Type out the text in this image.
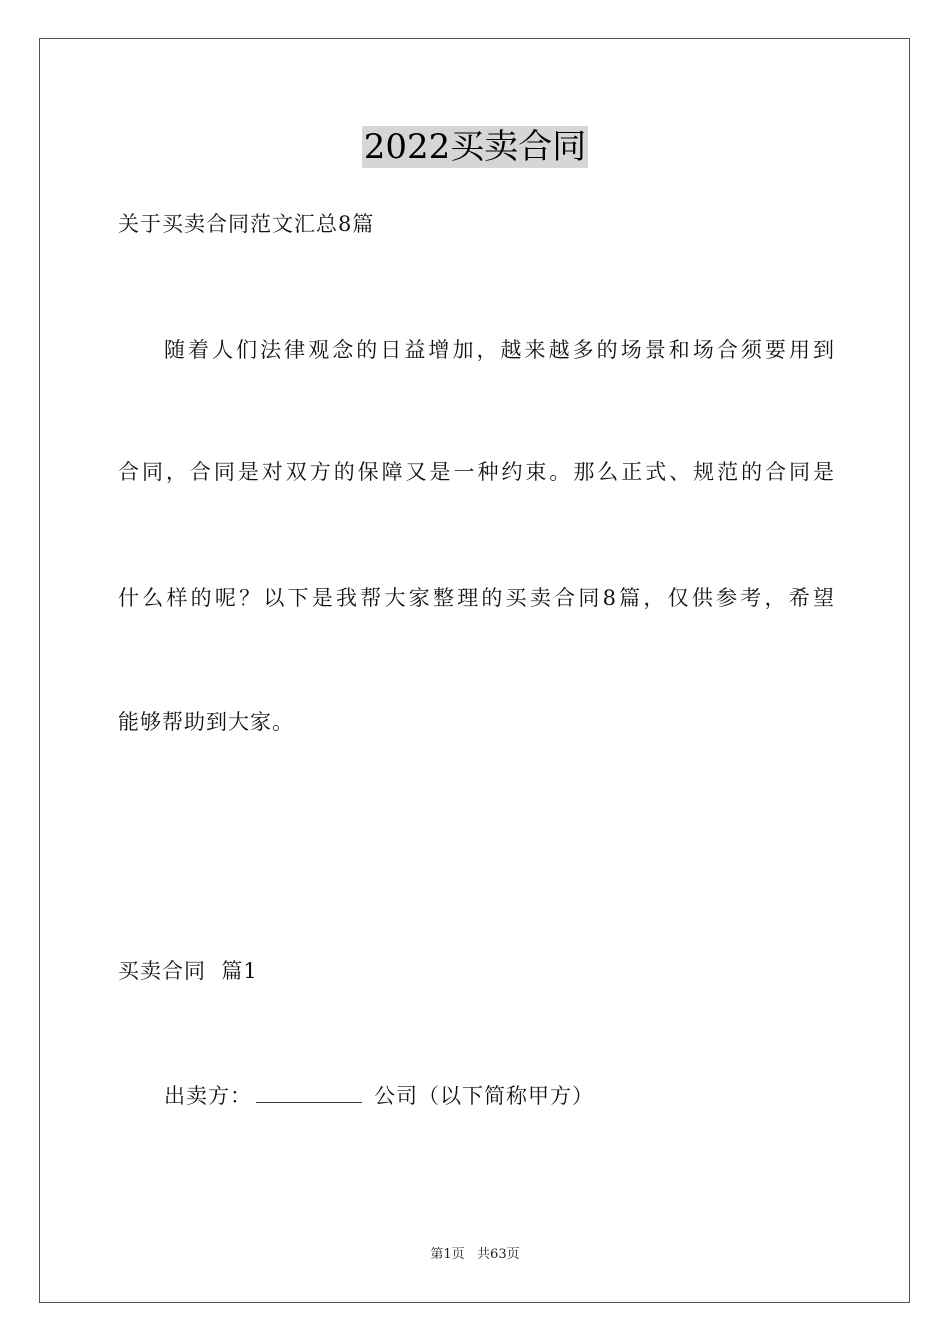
2022买卖合同
关于买卖合同范文汇总8篇
随着人们法律观念的日益增加，越来越多的场景和场合须要用到
合同，合同是对双方的保障又是一种约束。那么正式、规范的合同是
什么样的呢？以下是我帮大家整理的买卖合同8篇，仅供参考，希望
能够帮助到大家。
买卖合同  篇1
出卖方：	公司（以下简称甲方）
第1页   共63页
